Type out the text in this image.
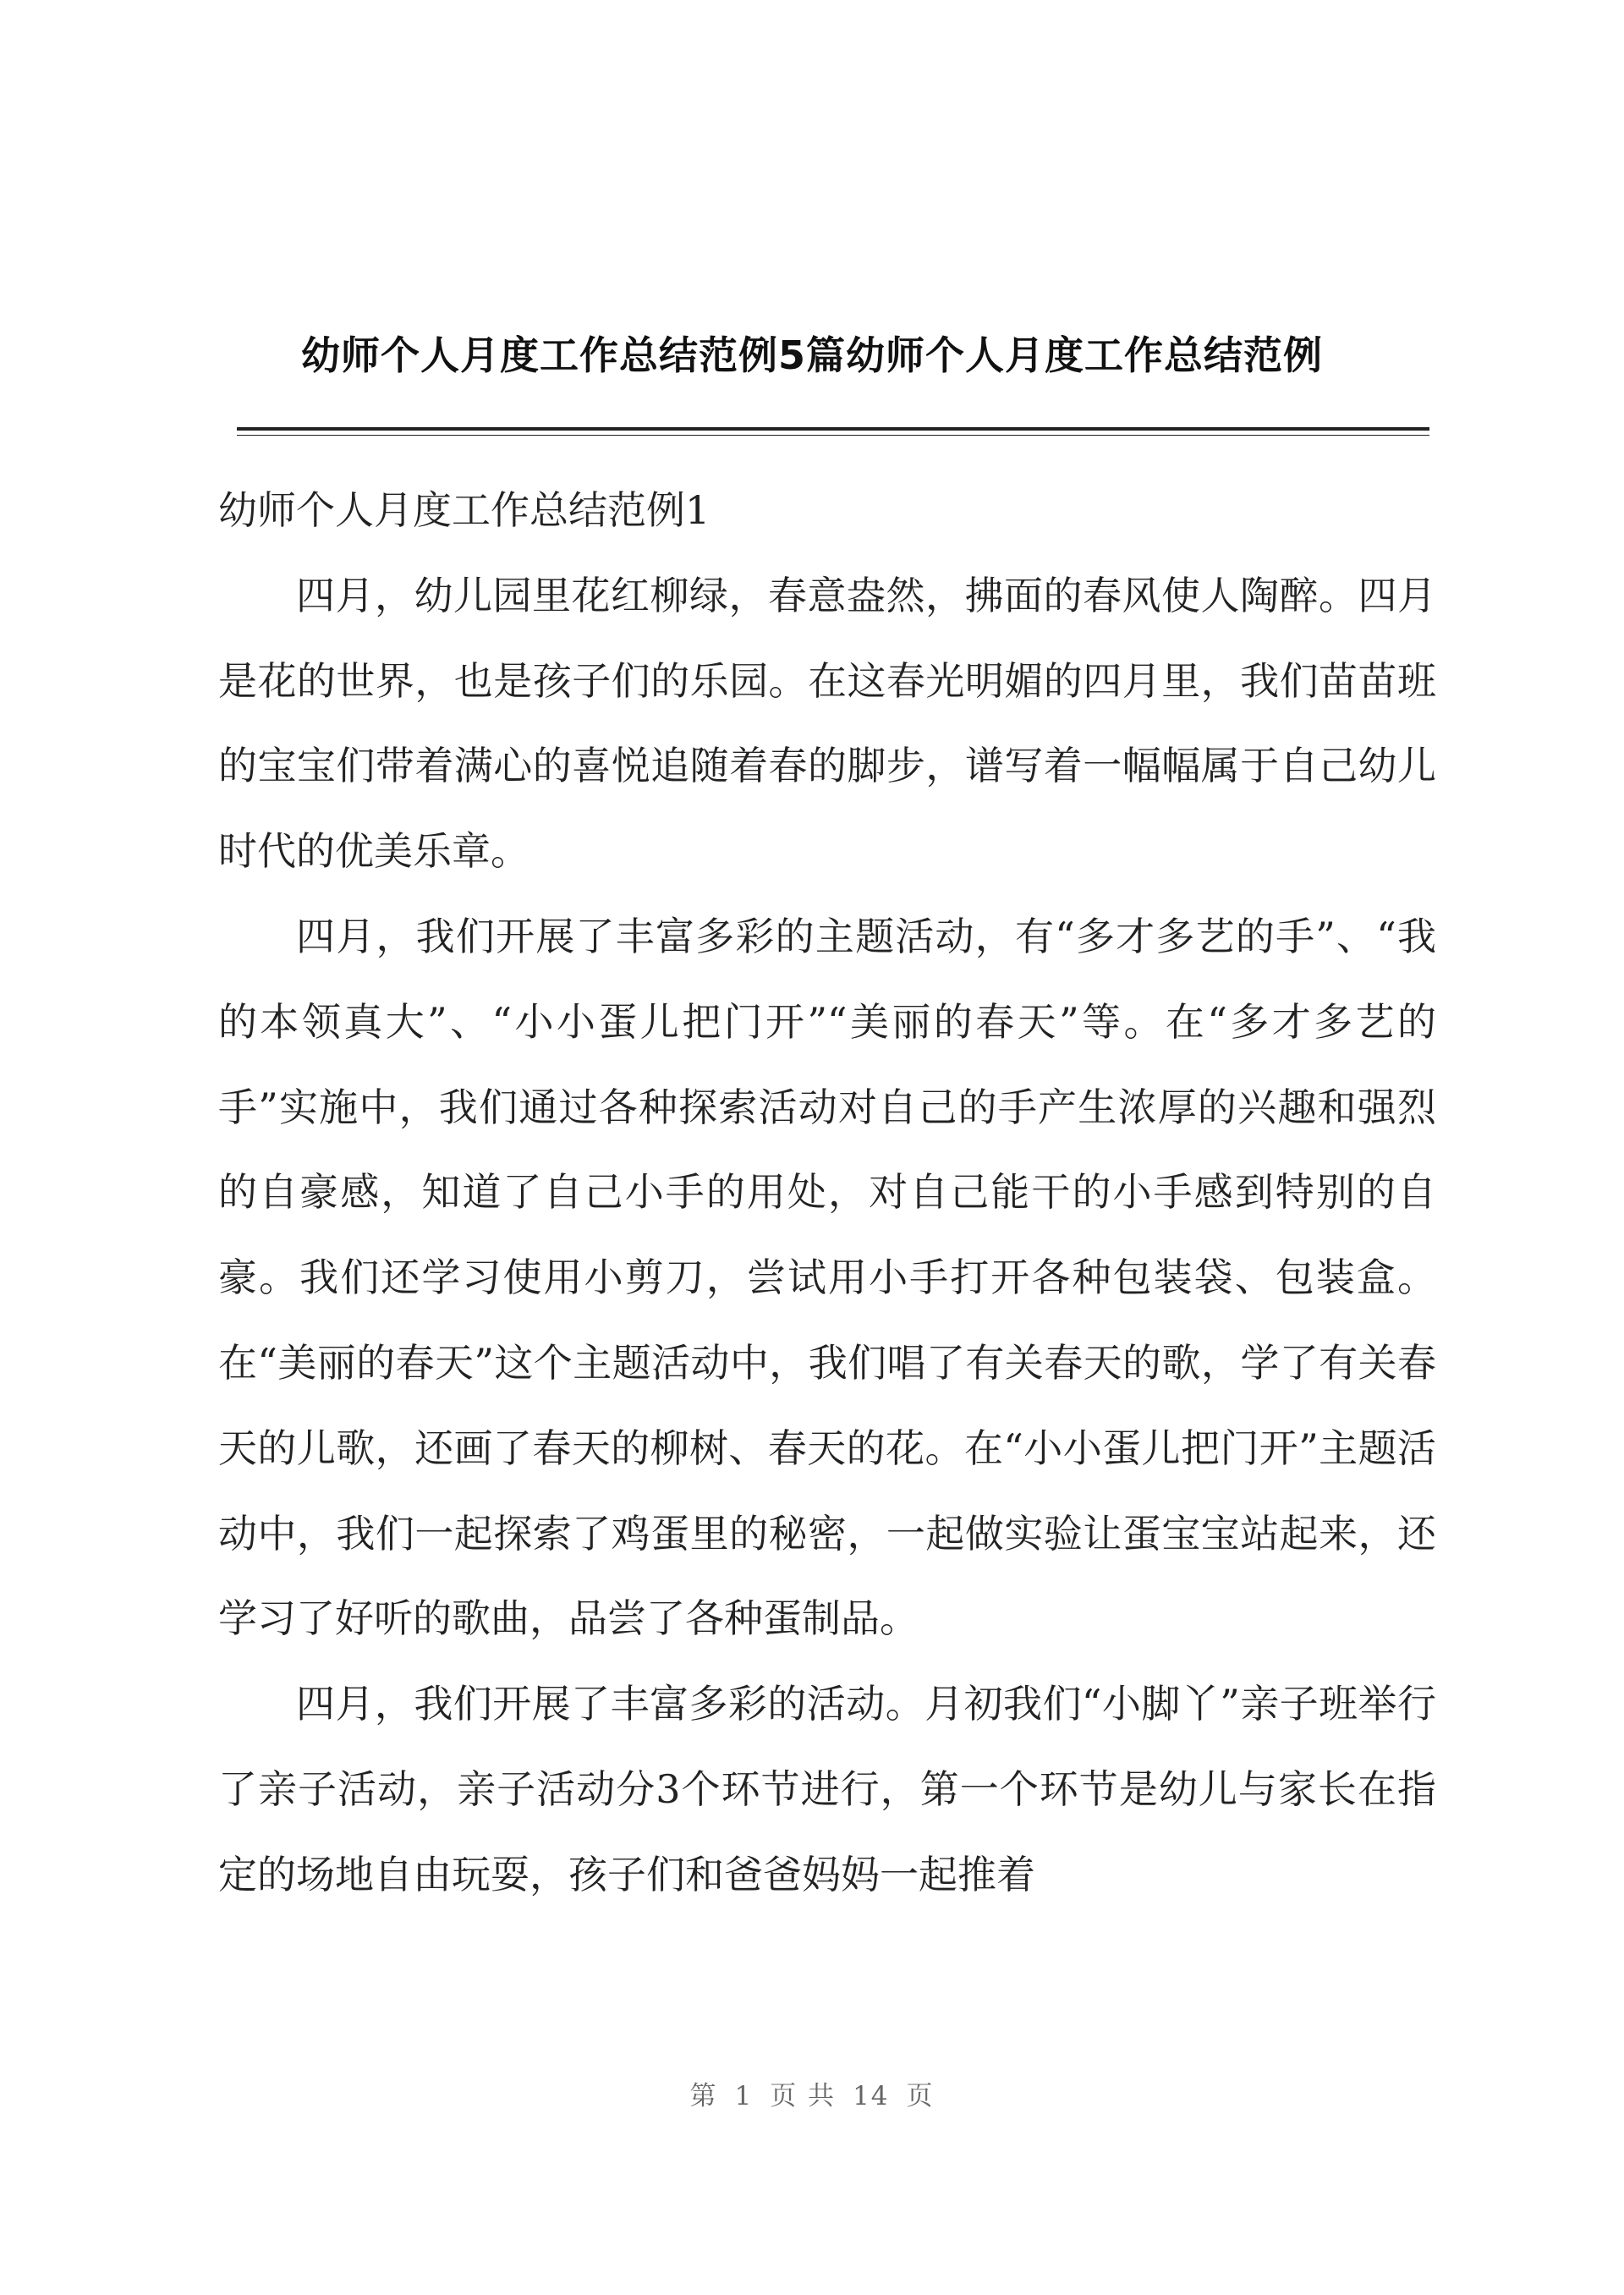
幼师个人月度工作总结范例5篇幼师个人月度工作总结范例

幼师个人月度工作总结范例1

四月，幼儿园里花红柳绿，春意盎然，拂面的春风使人陶醉。四月是花的世界，也是孩子们的乐园。在这春光明媚的四月里，我们苗苗班的宝宝们带着满心的喜悦追随着春的脚步，谱写着一幅幅属于自己幼儿时代的优美乐章。

四月，我们开展了丰富多彩的主题活动，有“多才多艺的手”、“我的本领真大”、“小小蛋儿把门开”“美丽的春天”等。在“多才多艺的手”实施中，我们通过各种探索活动对自己的手产生浓厚的兴趣和强烈的自豪感，知道了自己小手的用处，对自己能干的小手感到特别的自豪。我们还学习使用小剪刀，尝试用小手打开各种包装袋、包装盒。在“美丽的春天”这个主题活动中，我们唱了有关春天的歌，学了有关春天的儿歌，还画了春天的柳树、春天的花。在“小小蛋儿把门开”主题活动中，我们一起探索了鸡蛋里的秘密，一起做实验让蛋宝宝站起来，还学习了好听的歌曲，品尝了各种蛋制品。

四月，我们开展了丰富多彩的活动。月初我们“小脚丫”亲子班举行了亲子活动，亲子活动分3个环节进行，第一个环节是幼儿与家长在指定的场地自由玩耍，孩子们和爸爸妈妈一起推着

第 1 页 共 14 页
